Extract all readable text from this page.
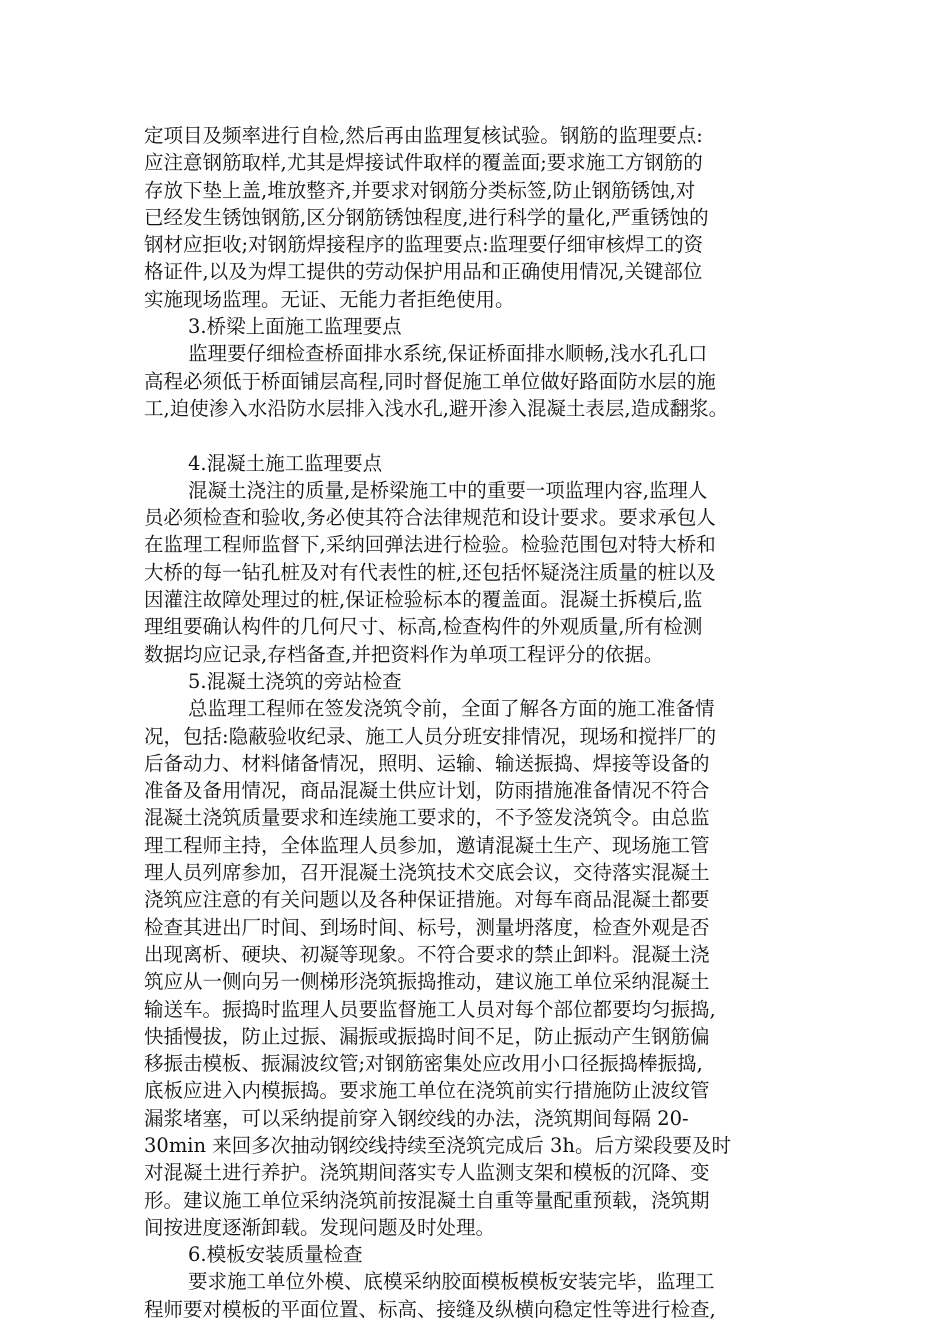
定项目及频率进行自检,然后再由监理复核试验。钢筋的监理要点:
应注意钢筋取样,尤其是焊接试件取样的覆盖面;要求施工方钢筋的
存放下垫上盖,堆放整齐,并要求对钢筋分类标签,防止钢筋锈蚀,对
已经发生锈蚀钢筋,区分钢筋锈蚀程度,进行科学的量化,严重锈蚀的
钢材应拒收;对钢筋焊接程序的监理要点:监理要仔细审核焊工的资
格证件,以及为焊工提供的劳动保护用品和正确使用情况,关键部位
实施现场监理。无证、无能力者拒绝使用。
3.桥梁上面施工监理要点
监理要仔细检查桥面排水系统,保证桥面排水顺畅,浅水孔孔口
高程必须低于桥面铺层高程,同时督促施工单位做好路面防水层的施
工,迫使渗入水沿防水层排入浅水孔,避开渗入混凝土表层,造成翻浆。
4.混凝土施工监理要点
混凝土浇注的质量,是桥梁施工中的重要一项监理内容,监理人
员必须检查和验收,务必使其符合法律规范和设计要求。要求承包人
在监理工程师监督下,采纳回弹法进行检验。检验范围包对特大桥和
大桥的每一钻孔桩及对有代表性的桩,还包括怀疑浇注质量的桩以及
因灌注故障处理过的桩,保证检验标本的覆盖面。混凝土拆模后,监
理组要确认构件的几何尺寸、标高,检查构件的外观质量,所有检测
数据均应记录,存档备查,并把资料作为单项工程评分的依据。
5.混凝土浇筑的旁站检查
总监理工程师在签发浇筑令前，全面了解各方面的施工准备情
况，包括:隐蔽验收纪录、施工人员分班安排情况，现场和搅拌厂的
后备动力、材料储备情况，照明、运输、输送振捣、焊接等设备的
准备及备用情况，商品混凝土供应计划，防雨措施准备情况不符合
混凝土浇筑质量要求和连续施工要求的，不予签发浇筑令。由总监
理工程师主持，全体监理人员参加，邀请混凝土生产、现场施工管
理人员列席参加，召开混凝土浇筑技术交底会议，交待落实混凝土
浇筑应注意的有关问题以及各种保证措施。对每车商品混凝土都要
检查其进出厂时间、到场时间、标号，测量坍落度，检查外观是否
出现离析、硬块、初凝等现象。不符合要求的禁止卸料。混凝土浇
筑应从一侧向另一侧梯形浇筑振捣推动，建议施工单位采纳混凝土
输送车。振捣时监理人员要监督施工人员对每个部位都要均匀振捣,
快插慢拔，防止过振、漏振或振捣时间不足，防止振动产生钢筋偏
移振击模板、振漏波纹管;对钢筋密集处应改用小口径振捣棒振捣,
底板应进入内模振捣。要求施工单位在浇筑前实行措施防止波纹管
漏浆堵塞，可以采纳提前穿入钢绞线的办法，浇筑期间每隔 20-
30min 来回多次抽动钢绞线持续至浇筑完成后 3h。后方梁段要及时
对混凝土进行养护。浇筑期间落实专人监测支架和模板的沉降、变
形。建议施工单位采纳浇筑前按混凝土自重等量配重预载，浇筑期
间按进度逐渐卸载。发现问题及时处理。
6.模板安装质量检查
要求施工单位外模、底模采纳胶面模板模板安装完毕，监理工
程师要对模板的平面位置、标高、接缝及纵横向稳定性等进行检查,
